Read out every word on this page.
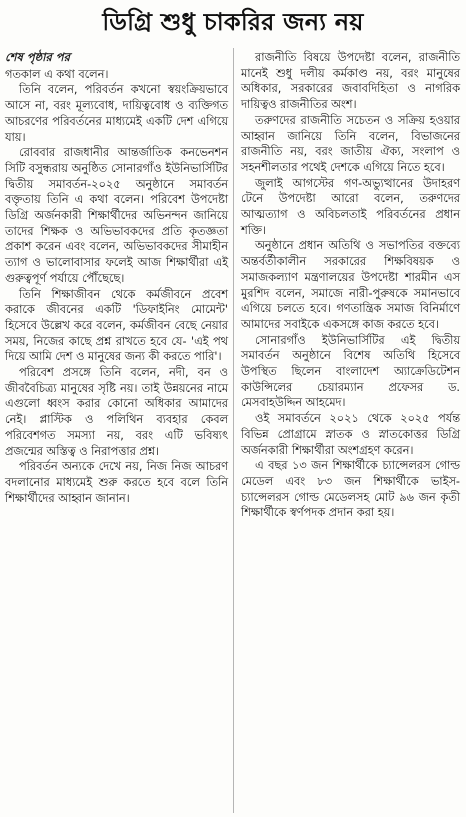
ডিগ্রি শুধু চাকরির জন্য নয়

শেষ পৃষ্ঠার পর

গতকাল এ কথা বলেন।

তিনি বলেন, পরিবর্তন কখনো স্বয়ংক্রিয়ভাবে আসে না, বরং মূল্যবোধ, দায়িত্ববোধ ও ব্যক্তিগত আচরণের পরিবর্তনের মাধ্যমেই একটি দেশ এগিয়ে যায়।

রোববার রাজধানীর আন্তর্জাতিক কনভেনশন সিটি বসুন্ধরায় অনুষ্ঠিত সোনারগাঁও ইউনিভার্সিটির দ্বিতীয় সমাবর্তন-২০২৫ অনুষ্ঠানে সমাবর্তন বক্তৃতায় তিনি এ কথা বলেন। পরিবেশ উপদেষ্টা ডিগ্রি অর্জনকারী শিক্ষার্থীদের অভিনন্দন জানিয়ে তাদের শিক্ষক ও অভিভাবকদের প্রতি কৃতজ্ঞতা প্রকাশ করেন এবং বলেন, অভিভাবকদের সীমাহীন ত্যাগ ও ভালোবাসার ফলেই আজ শিক্ষার্থীরা এই গুরুত্বপূর্ণ পর্যায়ে পৌঁছেছে।

তিনি শিক্ষাজীবন থেকে কর্মজীবনে প্রবেশ করাকে জীবনের একটি 'ডিফাইনিং মোমেন্ট' হিসেবে উল্লেখ করে বলেন, কর্মজীবন বেছে নেয়ার সময়, নিজের কাছে প্রশ্ন রাখতে হবে যে- 'এই পথ দিয়ে আমি দেশ ও মানুষের জন্য কী করতে পারি'।

পরিবেশ প্রসঙ্গে তিনি বলেন, নদী, বন ও জীববৈচিত্র্য মানুষের সৃষ্টি নয়। তাই উন্নয়নের নামে এগুলো ধ্বংস করার কোনো অধিকার আমাদের নেই। প্লাস্টিক ও পলিথিন ব্যবহার কেবল পরিবেশগত সমস্যা নয়, বরং এটি ভবিষ্যৎ প্রজন্মের অস্তিত্ব ও নিরাপত্তার প্রশ্ন।

পরিবর্তন অন্যকে দেখে নয়, নিজ নিজ আচরণ বদলানোর মাধ্যমেই শুরু করতে হবে বলে তিনি শিক্ষার্থীদের আহ্বান জানান।

রাজনীতি বিষয়ে উপদেষ্টা বলেন, রাজনীতি মানেই শুধু দলীয় কর্মকাণ্ড নয়, বরং মানুষের অধিকার, সরকারের জবাবদিহিতা ও নাগরিক দায়িত্বও রাজনীতির অংশ।

তরুণদের রাজনীতি সচেতন ও সক্রিয় হওয়ার আহ্বান জানিয়ে তিনি বলেন, বিভাজনের রাজনীতি নয়, বরং জাতীয় ঐক্য, সংলাপ ও সহনশীলতার পথেই দেশকে এগিয়ে নিতে হবে।

জুলাই আগস্টের গণ-অভ্যুত্থানের উদাহরণ টেনে উপদেষ্টা আরো বলেন, তরুণদের আত্মত্যাগ ও অবিচলতাই পরিবর্তনের প্রধান শক্তি।

অনুষ্ঠানে প্রধান অতিথি ও সভাপতির বক্তব্যে অন্তর্বর্তীকালীন সরকারের শিক্ষবিষয়ক ও সমাজকল্যাণ মন্ত্রণালয়ের উপদেষ্টা শারমীন এস মুরশিদ বলেন, সমাজে নারী-পুরুষকে সমানভাবে এগিয়ে চলতে হবে। গণতান্ত্রিক সমাজ বিনির্মাণে আমাদের সবাইকে একসঙ্গে কাজ করতে হবে।

সোনারগাঁও ইউনিভার্সিটির এই দ্বিতীয় সমাবর্তন অনুষ্ঠানে বিশেষ অতিথি হিসেবে উপস্থিত ছিলেন বাংলাদেশ অ্যাক্রেডিটেশন কাউন্সিলের চেয়ারম্যান প্রফেসর ড. মেসবাহউদ্দিন আহমেদ।

ওই সমাবর্তনে ২০২১ থেকে ২০২৫ পর্যন্ত বিভিন্ন প্রোগ্রামে স্নাতক ও স্নাতকোত্তর ডিগ্রি অর্জনকারী শিক্ষার্থীরা অংশগ্রহণ করেন।

এ বছর ১৩ জন শিক্ষার্থীকে চ্যান্সেলরস গোল্ড মেডেল এবং ৮৩ জন শিক্ষার্থীকে ভাইস-চ্যান্সেলরস গোল্ড মেডেলসহ মোট ৯৬ জন কৃতী শিক্ষার্থীকে স্বর্ণপদক প্রদান করা হয়।
